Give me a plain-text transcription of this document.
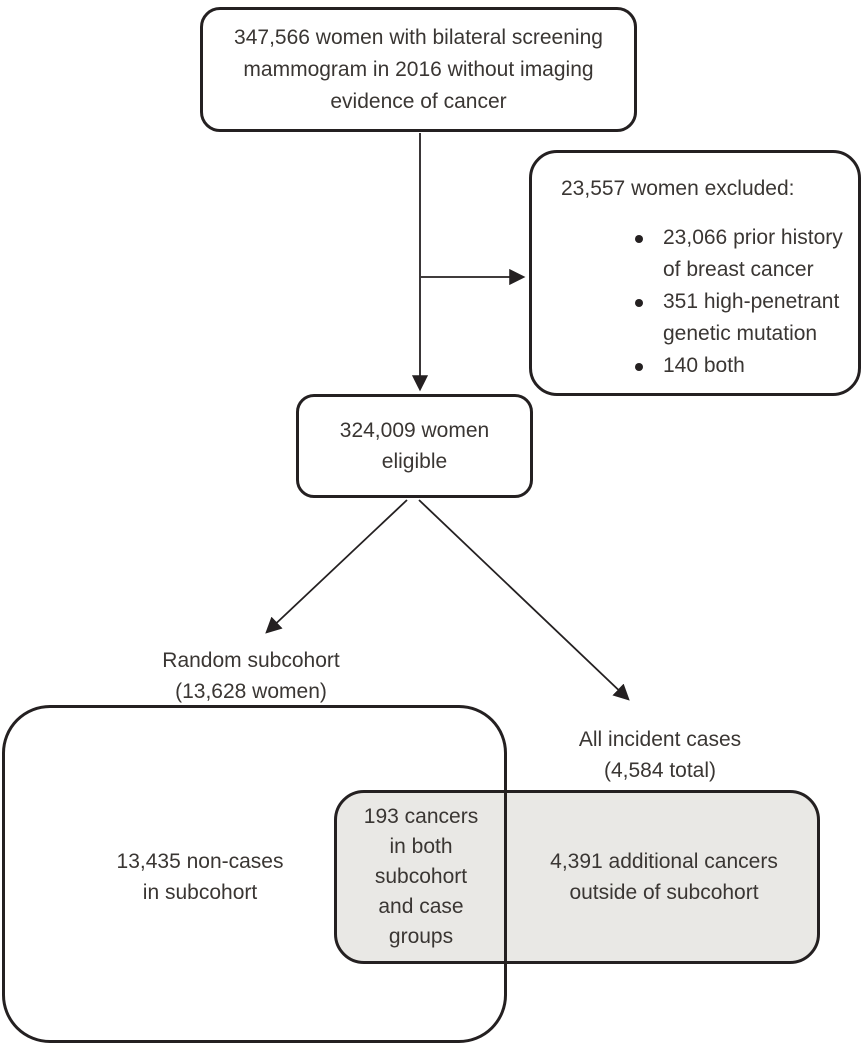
347,566 women with bilateral screening
mammogram in 2016 without imaging
evidence of cancer
23,557 women excluded:
23,066 prior history
of breast cancer
351 high-penetrant
genetic mutation
140 both
324,009 women
eligible
Random subcohort
(13,628 women)
All incident cases
(4,584 total)
13,435 non-cases
in subcohort
193 cancers
in both
subcohort
and case
groups
4,391 additional cancers
outside of subcohort
